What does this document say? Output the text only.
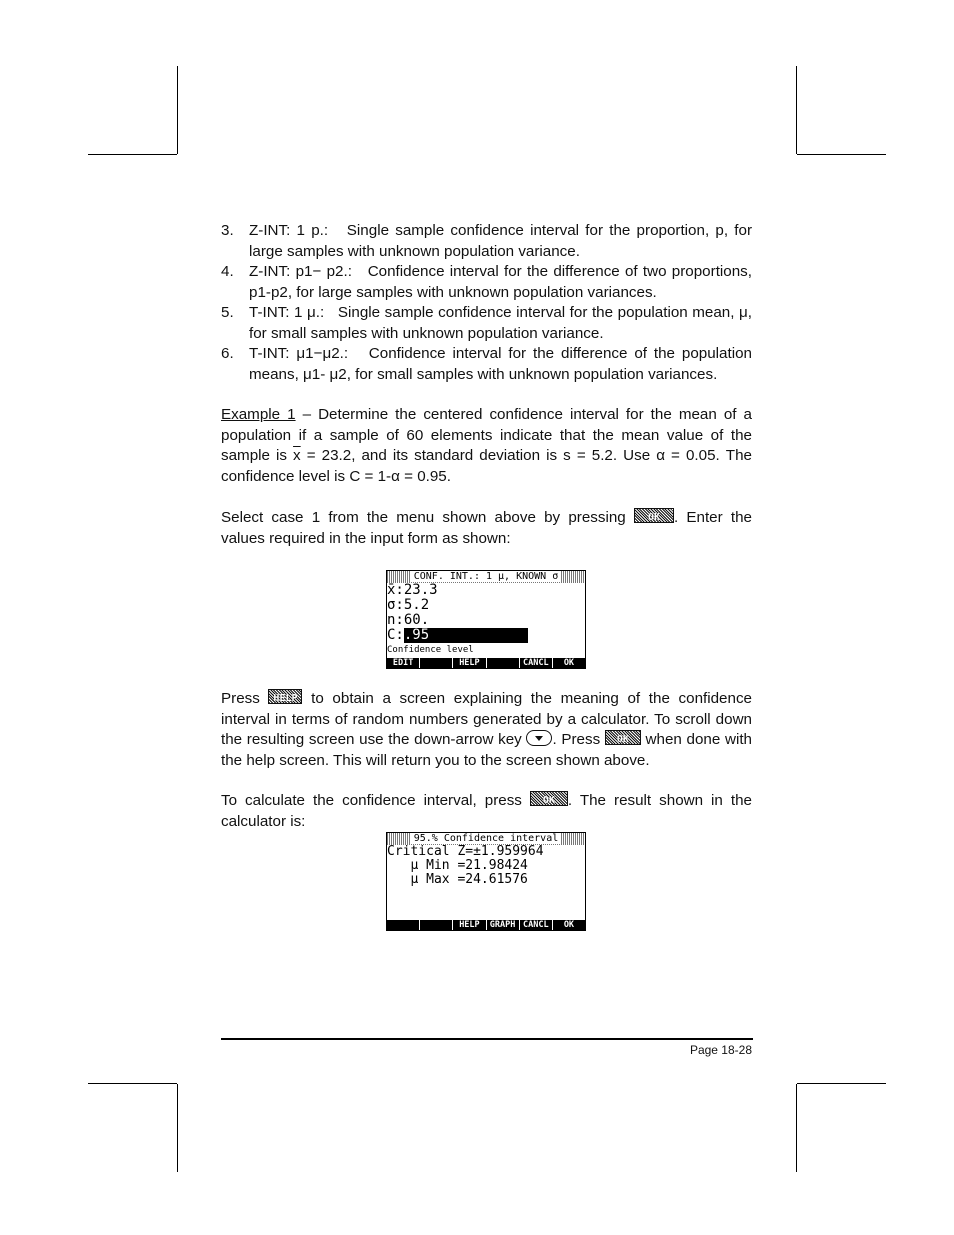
3. Z-INT: 1 p.: Single sample confidence interval for the proportion, p, for large samples with unknown population variance.
4. Z-INT: p1− p2.: Confidence interval for the difference of two proportions, p1-p2, for large samples with unknown population variances.
5. T-INT: 1 μ.: Single sample confidence interval for the population mean, μ, for small samples with unknown population variance.
6. T-INT: μ1−μ2.: Confidence interval for the difference of the population means, μ1- μ2, for small samples with unknown population variances.
Example 1 – Determine the centered confidence interval for the mean of a population if a sample of 60 elements indicate that the mean value of the sample is $\overline{x} = 23.2$, and its standard deviation is s = 5.2. Use α = 0.05. The confidence level is C = 1-α = 0.95.
Select case 1 from the menu shown above by pressing	OK . Enter the values required in the input form as shown:
CONF. INT.: 1 μ, KNOWN σ
x̄:23.3
σ:5.2
n:60.
C:.95
Confidence level
EDIT	HELP	CANCL	OK
Press HELP to obtain a screen explaining the meaning of the confidence interval in terms of random numbers generated by a calculator. To scroll down the resulting screen use the down-arrow key . Press	OK when done with the help screen. This will return you to the screen shown above.
To calculate the confidence interval, press	OK . The result shown in the calculator is:
95.% Confidence interval
Critical Z=±1.959964
μ Min =21.98424
μ Max =24.61576
HELP	GRAPH CANCL	OK
Page 18-28
